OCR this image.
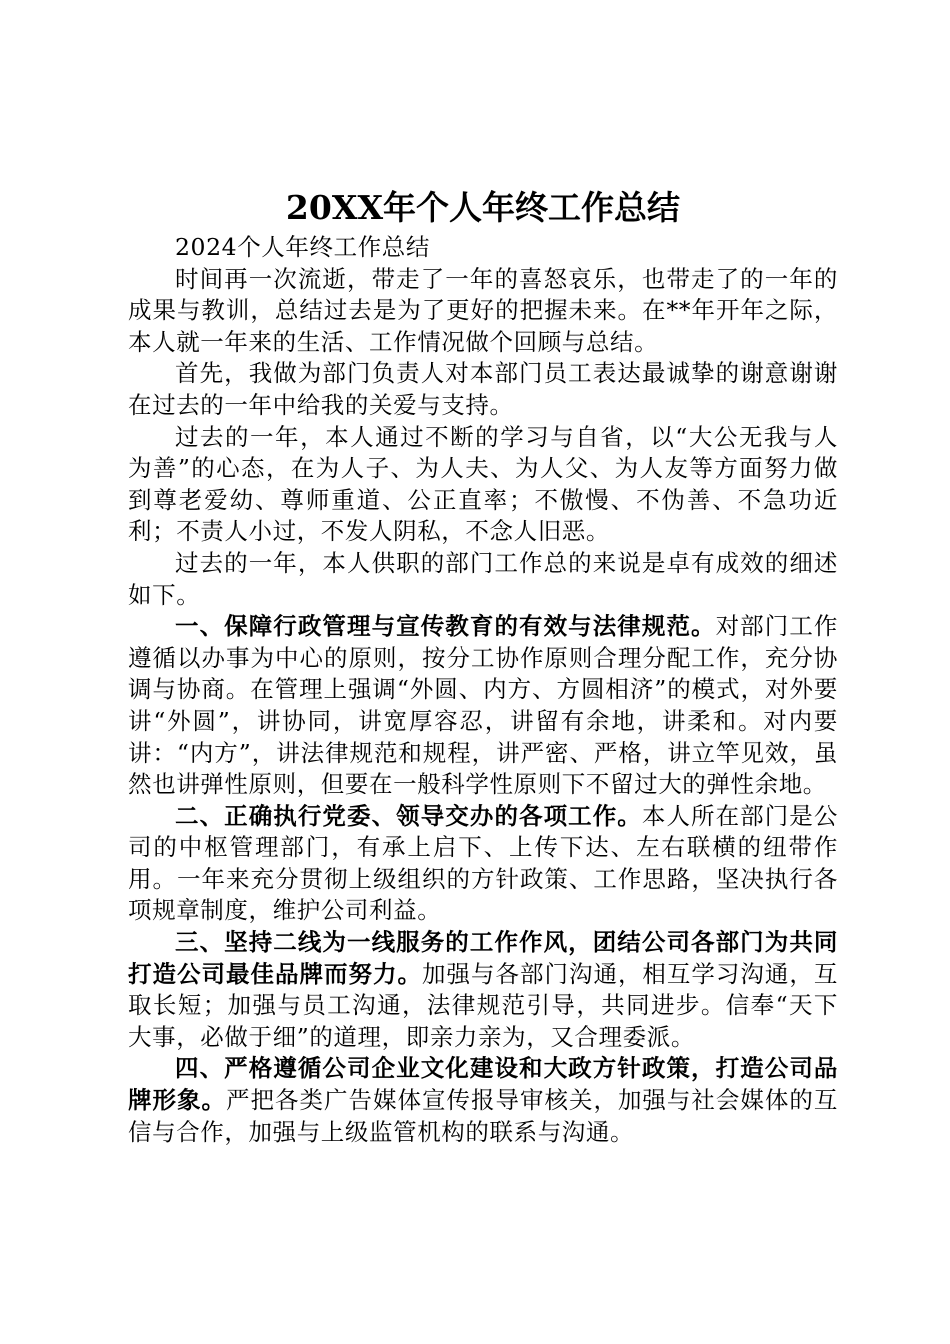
20XX年个人年终工作总结

2024个人年终工作总结

时间再一次流逝，带走了一年的喜怒哀乐，也带走了的一年的成果与教训，总结过去是为了更好的把握未来。在**年开年之际，本人就一年来的生活、工作情况做个回顾与总结。

首先，我做为部门负责人对本部门员工表达最诚挚的谢意谢谢在过去的一年中给我的关爱与支持。

过去的一年，本人通过不断的学习与自省，以“大公无我与人为善”的心态，在为人子、为人夫、为人父、为人友等方面努力做到尊老爱幼、尊师重道、公正直率；不傲慢、不伪善、不急功近利；不责人小过，不发人阴私，不念人旧恶。

过去的一年，本人供职的部门工作总的来说是卓有成效的细述如下。

一、保障行政管理与宣传教育的有效与法律规范。对部门工作遵循以办事为中心的原则，按分工协作原则合理分配工作，充分协调与协商。在管理上强调“外圆、内方、方圆相济”的模式，对外要讲“外圆”，讲协同，讲宽厚容忍，讲留有余地，讲柔和。对内要讲：“内方”，讲法律规范和规程，讲严密、严格，讲立竿见效，虽然也讲弹性原则，但要在一般科学性原则下不留过大的弹性余地。

二、正确执行党委、领导交办的各项工作。本人所在部门是公司的中枢管理部门，有承上启下、上传下达、左右联横的纽带作用。一年来充分贯彻上级组织的方针政策、工作思路，坚决执行各项规章制度，维护公司利益。

三、坚持二线为一线服务的工作作风，团结公司各部门为共同打造公司最佳品牌而努力。加强与各部门沟通，相互学习沟通，互取长短；加强与员工沟通，法律规范引导，共同进步。信奉“天下大事，必做于细”的道理，即亲力亲为，又合理委派。

四、严格遵循公司企业文化建设和大政方针政策，打造公司品牌形象。严把各类广告媒体宣传报导审核关，加强与社会媒体的互信与合作，加强与上级监管机构的联系与沟通。
